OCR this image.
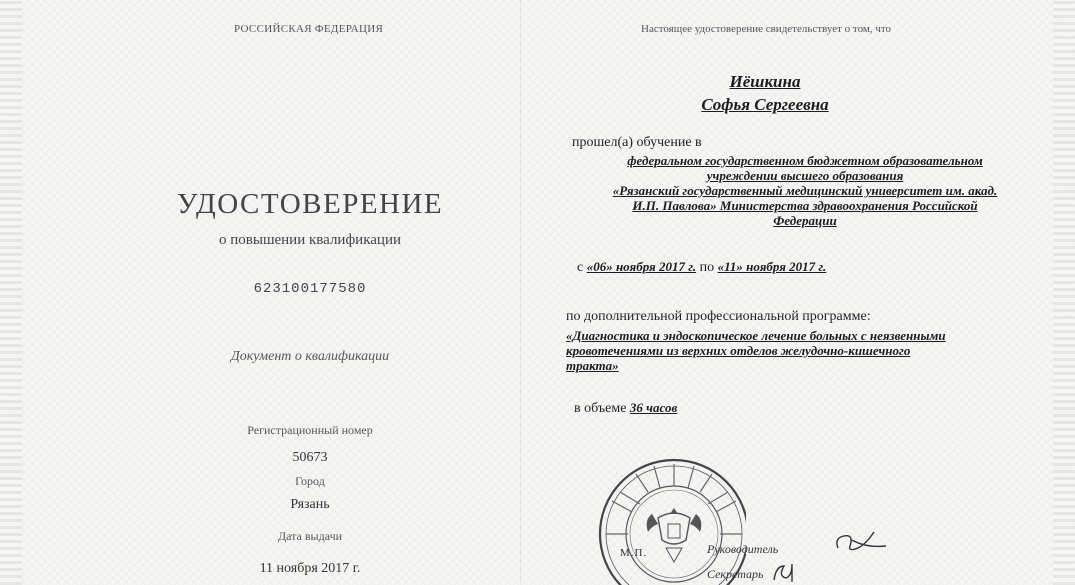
РОССИЙСКАЯ ФЕДЕРАЦИЯ
УДОСТОВЕРЕНИЕ
о повышении квалификации
623100177580
Документ о квалификации
Регистрационный номер
50673
Город
Рязань
Дата выдачи
11 ноября 2017 г.
Настоящее удостоверение свидетельствует о том, что
Иёшкина
Софья Сергеевна
прошел(а) обучение в
федеральном государственном бюджетном образовательном
учреждении высшего образования
«Рязанский государственный медицинский университет им. акад.
И.П. Павлова» Министерства здравоохранения Российской
Федерации
с «06» ноября 2017 г. по «11» ноября 2017 г.
по дополнительной профессиональной программе:
«Диагностика и эндоскопическое лечение больных с неязвенными
кровотечениями из верхних отделов желудочно-кишечного
тракта»
в объеме 36 часов
М.П.	Руководитель
Секретарь
